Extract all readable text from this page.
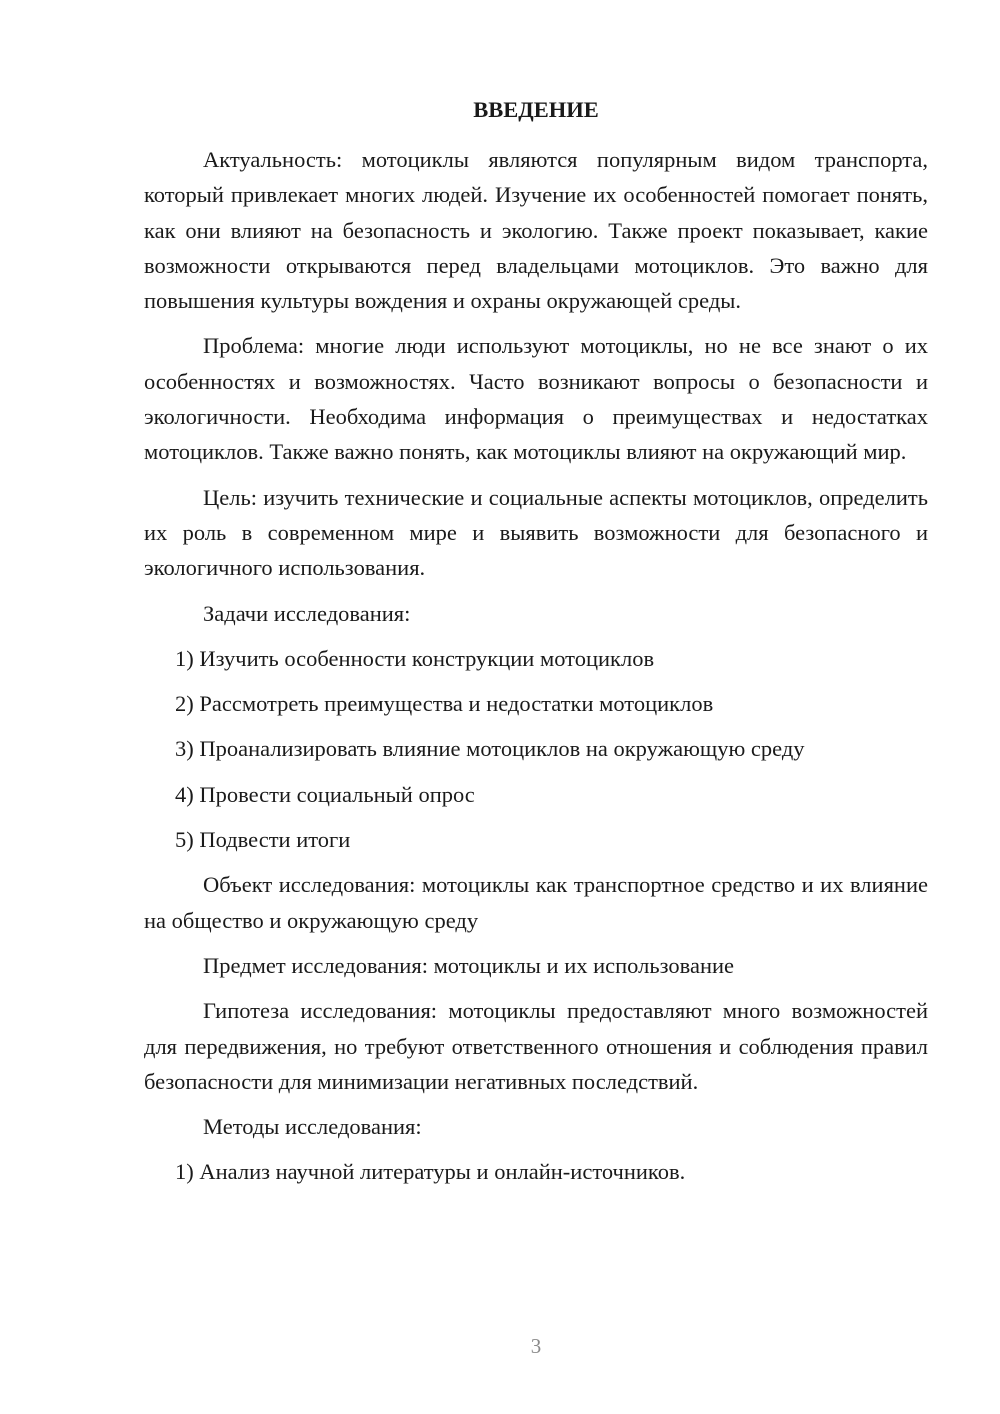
ВВЕДЕНИЕ

Актуальность: мотоциклы являются популярным видом транспорта, который привлекает многих людей. Изучение их особенностей помогает понять, как они влияют на безопасность и экологию. Также проект показывает, какие возможности открываются перед владельцами мотоциклов. Это важно для повышения культуры вождения и охраны окружающей среды.

Проблема: многие люди используют мотоциклы, но не все знают о их особенностях и возможностях. Часто возникают вопросы о безопасности и экологичности. Необходима информация о преимуществах и недостатках мотоциклов. Также важно понять, как мотоциклы влияют на окружающий мир.

Цель: изучить технические и социальные аспекты мотоциклов, определить их роль в современном мире и выявить возможности для безопасного и экологичного использования.

Задачи исследования:

1) Изучить особенности конструкции мотоциклов

2) Рассмотреть преимущества и недостатки мотоциклов

3) Проанализировать влияние мотоциклов на окружающую среду

4) Провести социальный опрос

5) Подвести итоги

Объект исследования: мотоциклы как транспортное средство и их влияние на общество и окружающую среду

Предмет исследования: мотоциклы и их использование

Гипотеза исследования: мотоциклы предоставляют много возможностей для передвижения, но требуют ответственного отношения и соблюдения правил безопасности для минимизации негативных последствий.

Методы исследования:

1) Анализ научной литературы и онлайн-источников.

3
